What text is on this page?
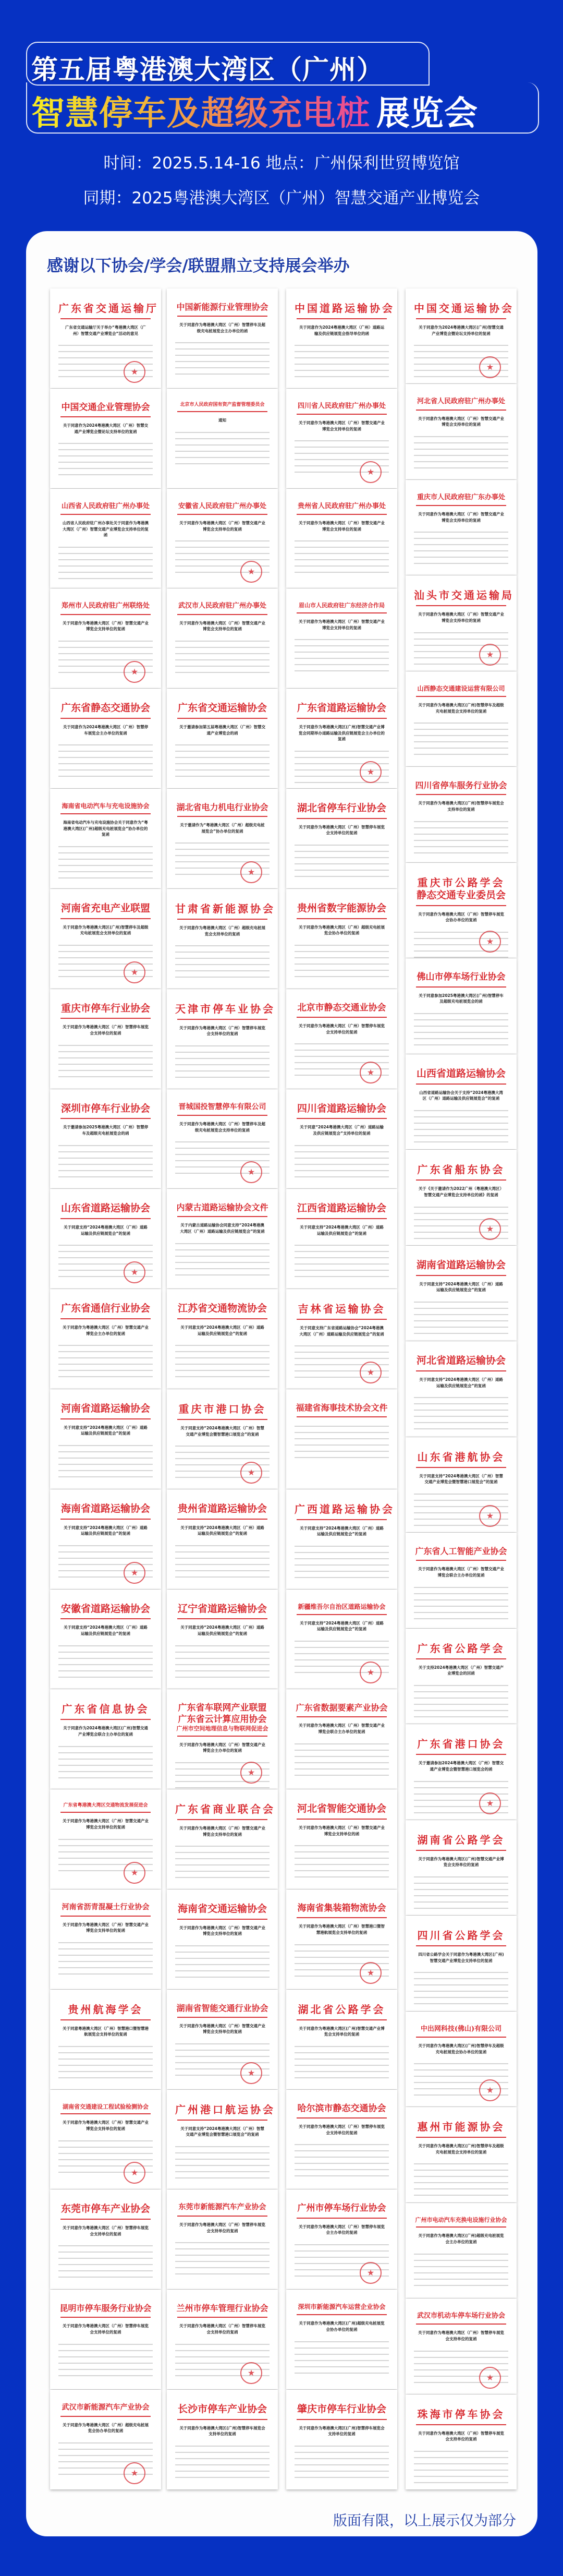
第五届粤港澳大湾区（广州）
智慧停车及超级充电桩 展览会
时间：2025.5.14-16 地点：广州保利世贸博览馆
同期：2025粤港澳大湾区（广州）智慧交通产业博览会
感谢以下协会/学会/联盟鼎立支持展会举办
广东省交通运输厅
广东省交通运输厅关于举办“粤港澳大湾区（广州）智慧交通产业博览会”活动的意见
★
中国交通企业管理协会
关于同意作为2024粤港澳大湾区（广州）智慧交通产业博览会暨论坛支持单位的复函
山西省人民政府驻广州办事处
山西省人民政府驻广州办事处关于同意作为粤港澳大湾区（广州）智慧交通产业博览会支持单位的复函
郑州市人民政府驻广州联络处
关于同意作为粤港澳大湾区（广州）智慧交通产业博览会支持单位的复函
★
广东省静态交通协会
关于同意作为2024粤港澳大湾区（广州）智慧停车展览会主办单位的复函
海南省电动汽车与充电设施协会
海南省电动汽车与充电设施协会关于同意作为“粤港澳大湾区(广州)超级充电桩展览会”协办单位的复函
河南省充电产业联盟
关于同意作为粤港澳大湾区(广州)智慧停车及超级充电桩展览会支持单位的复函
★
重庆市停车行业协会
关于同意作为粤港澳大湾区（广州）智慧停车展览会支持单位的复函
深圳市停车行业协会
关于邀请参加2025粤港澳大湾区（广州）智慧停车及超级充电桩展览会的函
山东省道路运输协会
关于同意支持“2024粤港澳大湾区（广州）道路运输及供应链展览会”的复函
★
广东省通信行业协会
关于同意作为粤港澳大湾区（广州）智慧交通产业博览会主办单位的复函
河南省道路运输协会
关于同意支持“2024粤港澳大湾区（广州）道路运输及供应链展览会”的复函
海南省道路运输协会
关于同意支持“2024粤港澳大湾区（广州）道路运输及供应链展览会”的复函
★
安徽省道路运输协会
关于同意支持“2024粤港澳大湾区（广州）道路运输及供应链展览会”的复函
广东省信息协会
关于同意作为2024粤港澳大湾区(广州)智慧交通产业博览会联合主办单位的复函
广东省粤港澳大湾区交通物流发展促进会
关于同意作为粤港澳大湾区（广州）智慧交通产业博览会支持单位的复函
★
河南省沥青混凝土行业协会
关于同意作为粤港澳大湾区（广州）智慧交通产业博览会支持单位的复函
贵州航海学会
关于同意粤港澳大湾区（广州）智慧港口暨智慧港航展览会支持单位的复函
湖南省交通建设工程试验检测协会
关于同意作为粤港澳大湾区（广州）智慧交通产业博览会支持单位的复函
★
东莞市停车产业协会
关于同意作为粤港澳大湾区（广州）智慧停车展览会支持单位的复函
昆明市停车服务行业协会
关于同意作为粤港澳大湾区（广州）智慧停车展览会支持单位的复函
武汉市新能源汽车产业协会
关于同意作为粤港澳大湾区（广州）超级充电桩展览会协办单位的复函
★
中国新能源行业管理协会
关于同意作为粤港澳大湾区（广州）智慧停车及超级充电桩展览会主办单位的函
北京市人民政府国有资产监督管理委员会
通知
安徽省人民政府驻广州办事处
关于同意作为粤港澳大湾区（广州）智慧交通产业博览会支持单位的复函
★
武汉市人民政府驻广州办事处
关于同意作为粤港澳大湾区（广州）智慧交通产业博览会支持单位的复函
广东省交通运输协会
关于邀请参加第五届粤港澳大湾区（广州）智慧交通产业博览会的函
湖北省电力机电行业协会
关于邀请作为“粤港澳大湾区（广州）超级充电桩展览会”协办单位的复函
★
甘肃省新能源协会
关于同意作为粤港澳大湾区（广州）超级充电桩展览会支持单位的复函
天津市停车业协会
关于同意作为粤港澳大湾区（广州）智慧停车展览会支持单位的复函
晋城国投智慧停车有限公司
关于同意作为粤港澳大湾区（广州）智慧停车及超级充电桩展览会支持单位的复函
★
内蒙古道路运输协会文件
关于内蒙古道路运输协会同意支持“2024粤港澳大湾区（广州）道路运输及供应链展览会”的复函
江苏省交通物流协会
关于同意支持“2024粤港澳大湾区（广州）道路运输及供应链展览会”的复函
重庆市港口协会
关于同意支持“2024粤港澳大湾区（广州）智慧交通产业博览会暨智慧港口展览会”的复函
★
贵州省道路运输协会
关于同意支持“2024粤港澳大湾区（广州）道路运输及供应链展览会”的复函
辽宁省道路运输协会
关于同意支持“2024粤港澳大湾区（广州）道路运输及供应链展览会”的复函
广东省车联网产业联盟
广东省云计算应用协会
广州市空间地理信息与物联网促进会
关于同意作为粤港澳大湾区（广州）智慧交通产业博览会主办单位的复函
★
广东省商业联合会
关于同意作为粤港澳大湾区（广州）智慧交通产业博览会支持单位的复函
海南省交通运输协会
关于同意作为粤港澳大湾区（广州）智慧交通产业博览会支持单位的复函
湖南省智能交通行业协会
关于同意作为粤港澳大湾区（广州）智慧交通产业博览会支持单位的复函
★
广州港口航运协会
关于同意支持“2024粤港澳大湾区（广州）智慧交通产业博览会暨智慧港口展览会”的复函
东莞市新能源汽车产业协会
关于同意作为粤港澳大湾区（广州）智慧停车展览会支持单位的复函
兰州市停车管理行业协会
关于同意作为粤港澳大湾区（广州）智慧停车展览会支持单位的复函
★
长沙市停车产业协会
关于同意作为粤港澳大湾区(广州)智慧停车展览会支持单位的复函
中国道路运输协会
关于同意作为2024粤港澳大湾区（广州）道路运输及供应链展览会指导单位的函
四川省人民政府驻广州办事处
关于同意作为粤港澳大湾区（广州）智慧交通产业博览会支持单位的复函
★
贵州省人民政府驻广州办事处
关于同意作为粤港澳大湾区（广州）智慧交通产业博览会支持单位的复函
眉山市人民政府驻广东经济合作局
关于同意作为粤港澳大湾区（广州）智慧交通产业博览会支持单位的复函
广东省道路运输协会
关于同意作为粤港澳大湾区(广州)智慧交通产业博览会同期举办道路运输及供应链展览会主办单位的复函
★
湖北省停车行业协会
关于同意作为粤港澳大湾区（广州）智慧停车展览会支持单位的复函
贵州省数字能源协会
关于同意作为粤港澳大湾区（广州）超级充电桩展览会协办单位的复函
北京市静态交通业协会
关于同意作为粤港澳大湾区（广州）智慧停车展览会支持单位的复函
★
四川省道路运输协会
关于同意“2024粤港澳大湾区（广州）道路运输及供应链展览会”支持单位的复函
江西省道路运输协会
关于同意支持“2024粤港澳大湾区（广州）道路运输及供应链展览会”的复函
吉林省运输协会
关于同意支持广东省道路运输协会“2024粤港澳大湾区（广州）道路运输及供应链展览会”的复函
★
福建省海事技术协会文件
广西道路运输协会
关于同意支持“2024粤港澳大湾区（广州）道路运输及供应链展览会”的复函
新疆维吾尔自治区道路运输协会
关于同意支持“2024粤港澳大湾区（广州）道路运输及供应链展览会”的复函
★
广东省数据要素产业协会
关于同意作为粤港澳大湾区（广州）智慧交通产业博览会联合主办单位的复函
河北省智能交通协会
关于同意作为粤港澳大湾区（广州）智慧交通产业博览会支持单位的函
海南省集装箱物流协会
关于同意作为粤港澳大湾区（广州）智慧港口暨智慧港航展览会支持单位的复函
★
湖北省公路学会
关于同意作为粤港澳大湾区(广州)智慧交通产业博览会支持单位的复函
哈尔滨市静态交通协会
关于同意作为粤港澳大湾区（广州）智慧停车展览会支持单位的复函
广州市停车场行业协会
关于同意作为粤港澳大湾区（广州）智慧停车展览会主办单位的复函
★
深圳市新能源汽车运营企业协会
关于同意作为粤港澳大湾区(广州)超级充电桩展览会协办单位的复函
肇庆市停车行业协会
关于同意作为粤港澳大湾区(广州)智慧停车展览会支持单位的复函
中国交通运输协会
关于同意作为2024粤港澳大湾区(广州)智慧交通产业博览会暨论坛支持单位的复函
★
河北省人民政府驻广州办事处
关于同意作为粤港澳大湾区（广州）智慧交通产业博览会支持单位的复函
重庆市人民政府驻广东办事处
关于同意作为粤港澳大湾区（广州）智慧交通产业博览会支持单位的复函
汕头市交通运输局
关于同意作为粤港澳大湾区（广州）智慧交通产业博览会支持单位的复函
★
山西静态交通建设运营有限公司
关于同意作为粤港澳大湾区(广州)智慧停车及超级充电桩展览会支持单位的复函
四川省停车服务行业协会
关于同意作为粤港澳大湾区(广州)智慧停车展览会支持单位的复函
重庆市公路学会
静态交通专业委员会
关于同意作为粤港澳大湾区（广州）智慧停车展览会协办单位的复函
★
佛山市停车场行业协会
关于同意参加2025粤港澳大湾区(广州)智慧停车及超级充电桩展览会的函
山西省道路运输协会
山西省道路运输协会关于支持“2024粤港澳大湾区（广州）道路运输及供应链展览会”的复函
广东省船东协会
关于《关于邀请作为2022广州（粤港澳大湾区）智慧交通产业博览会支持单位的函》的复函
★
湖南省道路运输协会
关于同意支持“2024粤港澳大湾区（广州）道路运输及供应链展览会”的复函
河北省道路运输协会
关于同意支持“2024粤港澳大湾区（广州）道路运输及供应链展览会”的复函
山东省港航协会
关于同意支持“2024粤港澳大湾区（广州）智慧交通产业博览会暨智慧港口展览会”的复函
★
广东省人工智能产业协会
关于同意作为粤港澳大湾区（广州）智慧交通产业博览会联合主办单位的复函
广东省公路学会
关于支持2024粤港澳大湾区（广州）智慧交通产业博览会的回函
广东省港口协会
关于邀请参加2024粤港澳大湾区（广州）智慧交通产业博览会暨智慧港口展览会的函
★
湖南省公路学会
关于同意作为粤港澳大湾区(广州)智慧交通产业博览会支持单位的复函
四川省公路学会
四川省公路学会关于同意作为粤港澳大湾区(广州)智慧交通产业博览会支持单位的复函
中出网科技(佛山)有限公司
关于同意作为粤港澳大湾区(广州)智慧停车及超级充电桩展览会协办单位的复函
★
惠州市能源协会
关于同意作为粤港澳大湾区(广州)智慧停车及超级充电桩展览会支持单位的复函
广州市电动汽车充换电设施行业协会
关于同意作为粤港澳大湾区(广州)超级充电桩展览会主办单位的复函
武汉市机动车停车场行业协会
关于同意作为粤港澳大湾区（广州）智慧停车展览会支持单位的复函
★
珠海市停车协会
关于同意作为粤港澳大湾区（广州）智慧停车展览会支持单位的复函
版面有限，以上展示仅为部分
